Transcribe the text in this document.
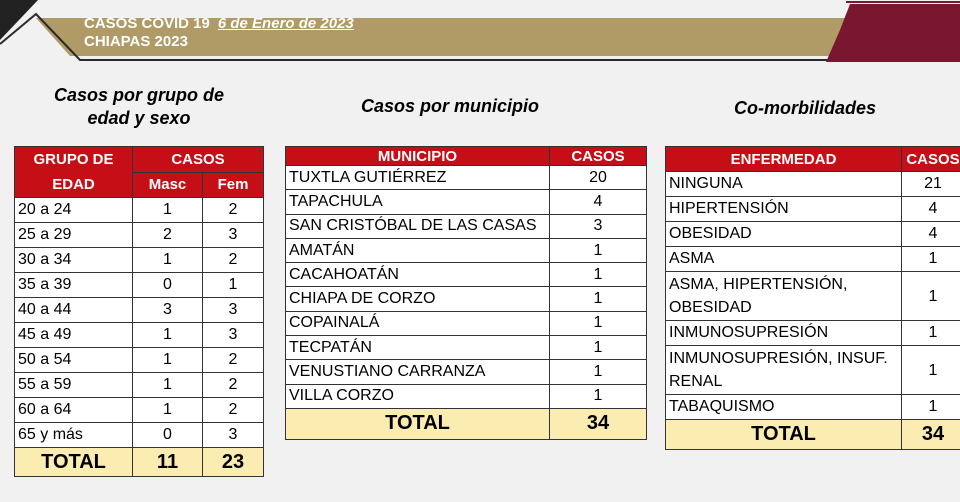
CASOS COVID 19 6 de Enero de 2023
CHIAPAS 2023
Casos por grupo de edad y sexo
Casos por municipio	Co-morbilidades
GRUPO DE EDAD	CASOS	
	Masc	Fem
20 a 24	1	2
25 a 29	2	3
30 a 34	1	2
35 a 39	0	1
40 a 44	3	3
45 a 49	1	3
50 a 54	1	2
55 a 59	1	2
60 a 64	1	2
65 y más	0	3
TOTAL	11	23
MUNICIPIO	CASOS
TUXTLA GUTIÉRREZ	20
TAPACHULA	4
SAN CRISTÓBAL DE LAS CASAS	3
AMATÁN	1
CACAHOATÁN	1
CHIAPA DE CORZO	1
COPAINALÁ	1
TECPATÁN	1
VENUSTIANO CARRANZA	1
VILLA CORZO	1
TOTAL	34
ENFERMEDAD	CASOS
NINGUNA	21
HIPERTENSIÓN	4
OBESIDAD	4
ASMA	1
ASMA, HIPERTENSIÓN, OBESIDAD	1
INMUNOSUPRESIÓN	1
INMUNOSUPRESIÓN, INSUF. RENAL	1
TABAQUISMO	1
TOTAL	34
